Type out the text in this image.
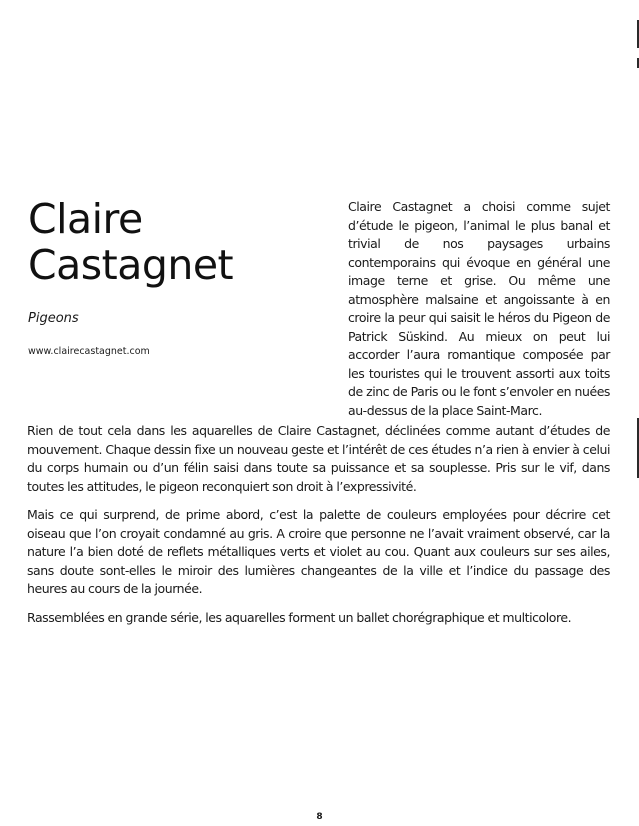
Claire
Castagnet
Pigeons
www.clairecastagnet.com

Claire Castagnet a choisi comme sujet d’étude le pigeon, l’animal le plus banal et trivial de nos paysages urbains contemporains qui évoque en général une image terne et grise. Ou même une atmosphère malsaine et angoissante à en croire la peur qui saisit le héros du Pigeon de Patrick Süskind. Au mieux on peut lui accorder l’aura romantique composée par les touristes qui le trouvent assorti aux toits de zinc de Paris ou le font s’envoler en nuées au-dessus de la place Saint-Marc.

Rien de tout cela dans les aquarelles de Claire Castagnet, déclinées comme autant d’études de mouvement. Chaque dessin fixe un nouveau geste et l’intérêt de ces études n’a rien à envier à celui du corps humain ou d’un félin saisi dans toute sa puissance et sa souplesse. Pris sur le vif, dans toutes les attitudes, le pigeon reconquiert son droit à l’expressivité.

Mais ce qui surprend, de prime abord, c’est la palette de couleurs employées pour décrire cet oiseau que l’on croyait condamné au gris. A croire que personne ne l’avait vraiment observé, car la nature l’a bien doté de reflets métalliques verts et violet au cou. Quant aux couleurs sur ses ailes, sans doute sont-elles le miroir des lumières changeantes de la ville et l’indice du passage des heures au cours de la journée.

Rassemblées en grande série, les aquarelles forment un ballet chorégraphique et multicolore.

8
